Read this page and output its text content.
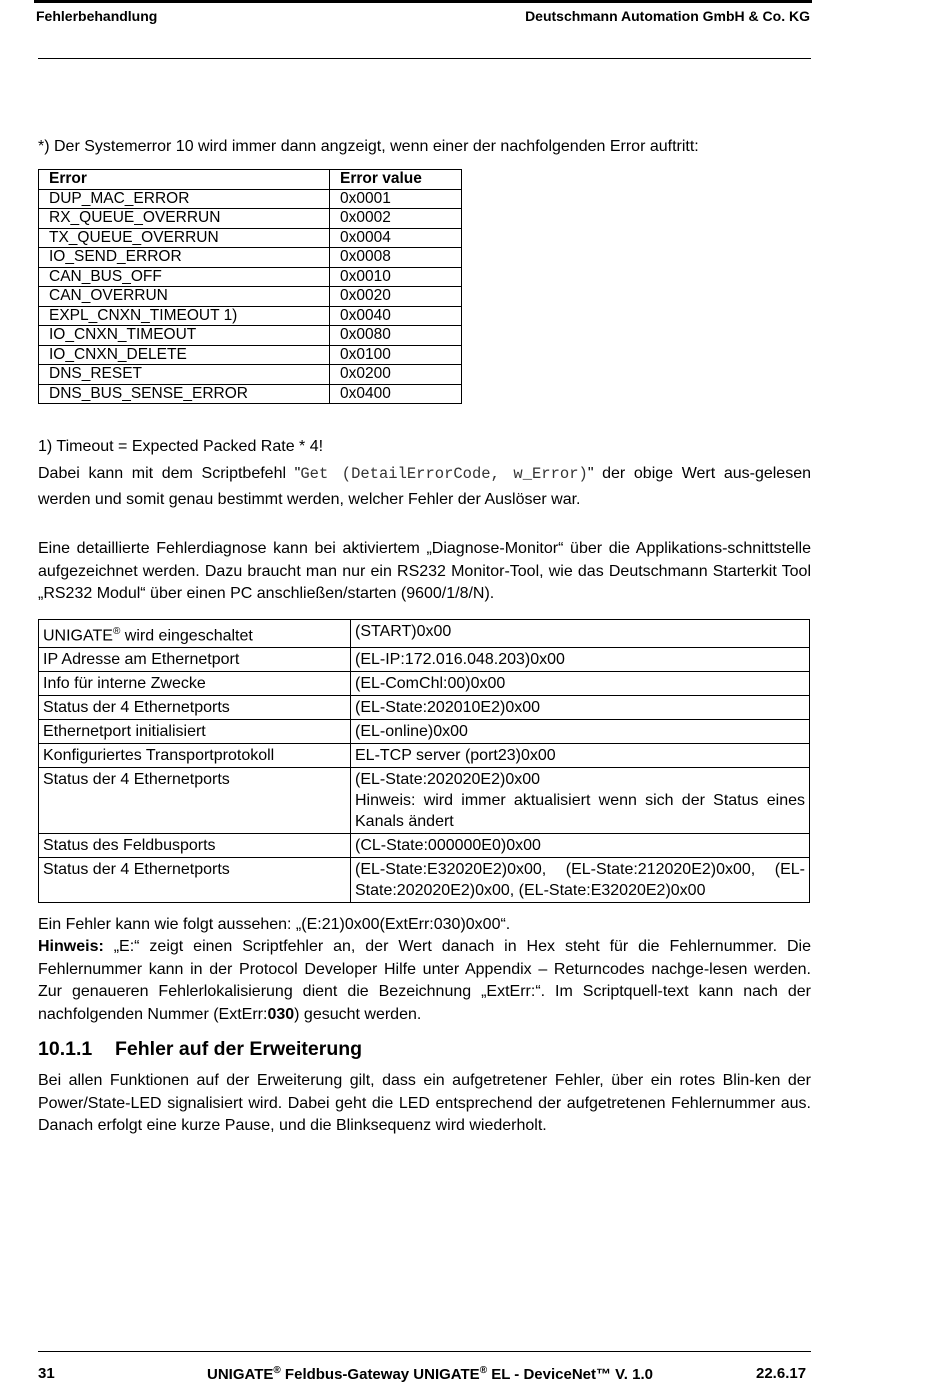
Fehlerbehandlung	Deutschmann Automation GmbH & Co. KG

*) Der Systemerror 10 wird immer dann angzeigt, wenn einer der nachfolgenden Error auftritt:

Error	Error value
DUP_MAC_ERROR	0x0001
RX_QUEUE_OVERRUN	0x0002
TX_QUEUE_OVERRUN	0x0004
IO_SEND_ERROR	0x0008
CAN_BUS_OFF	0x0010
CAN_OVERRUN	0x0020
EXPL_CNXN_TIMEOUT 1)	0x0040
IO_CNXN_TIMEOUT	0x0080
IO_CNXN_DELETE	0x0100
DNS_RESET	0x0200
DNS_BUS_SENSE_ERROR	0x0400

1) Timeout = Expected Packed Rate * 4!

Dabei kann mit dem Scriptbefehl "Get (DetailErrorCode, w_Error)" der obige Wert aus-gelesen werden und somit genau bestimmt werden, welcher Fehler der Auslöser war.

Eine detaillierte Fehlerdiagnose kann bei aktiviertem „Diagnose-Monitor“ über die Applikations-schnittstelle aufgezeichnet werden. Dazu braucht man nur ein RS232 Monitor-Tool, wie das Deutschmann Starterkit Tool „RS232 Modul“ über einen PC anschließen/starten (9600/1/8/N).

UNIGATE® wird eingeschaltet	(START)0x00

IP Adresse am Ethernetport	(EL-IP:172.016.048.203)0x00

Info für interne Zwecke	(EL-ComChl:00)0x00

Status der 4 Ethernetports	(EL-State:202010E2)0x00

Ethernetport initialisiert	(EL-online)0x00

Konfiguriertes Transportprotokoll	EL-TCP server (port23)0x00

Status der 4 Ethernetports	(EL-State:202020E2)0x00
Hinweis: wird immer aktualisiert wenn sich der Status eines Kanals ändert

Status des Feldbusports	(CL-State:000000E0)0x00

Status der 4 Ethernetports	(EL-State:E32020E2)0x00, (EL-State:212020E2)0x00, (EL-State:202020E2)0x00, (EL-State:E32020E2)0x00

Ein Fehler kann wie folgt aussehen: „(E:21)0x00(ExtErr:030)0x00“.

Hinweis: „E:“ zeigt einen Scriptfehler an, der Wert danach in Hex steht für die Fehlernummer. Die Fehlernummer kann in der Protocol Developer Hilfe unter Appendix – Returncodes nachge-lesen werden. Zur genaueren Fehlerlokalisierung dient die Bezeichnung „ExtErr:“. Im Scriptquell-text kann nach der nachfolgenden Nummer (ExtErr:030) gesucht werden.

10.1.1 Fehler auf der Erweiterung

Bei allen Funktionen auf der Erweiterung gilt, dass ein aufgetretener Fehler, über ein rotes Blin-ken der Power/State-LED signalisiert wird. Dabei geht die LED entsprechend der aufgetretenen Fehlernummer aus. Danach erfolgt eine kurze Pause, und die Blinksequenz wird wiederholt.

31	UNIGATE® Feldbus-Gateway UNIGATE® EL - DeviceNet™ V. 1.0	22.6.17
